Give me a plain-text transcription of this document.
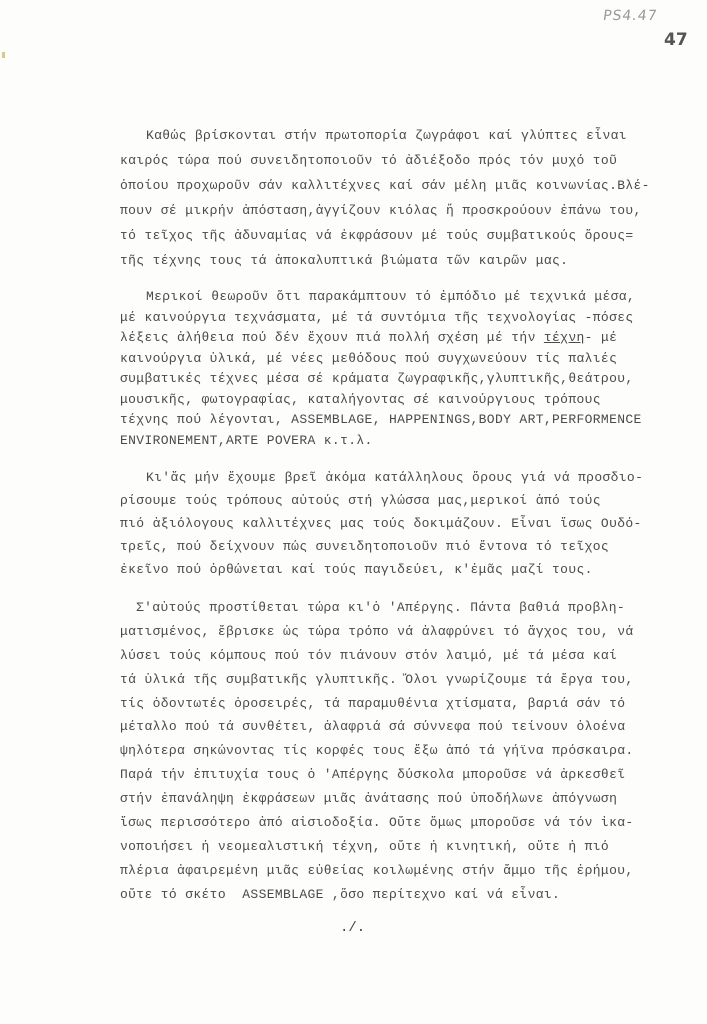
PS4.47
47
Καθώς βρίσκονται στήν πρωτοπορία ζωγράφοι καί γλύπτες εἶναι
καιρός τώρα πού συνειδητοποιοῦν τό ἀδιέξοδο πρός τόν μυχό τοῦ
ὁποίου προχωροῦν σάν καλλιτέχνες καί σάν μέλη μιᾶς κοινωνίας.Βλέ-
πουν σέ μικρήν ἀπόσταση,ἀγγίζουν κιόλας ἤ προσκρούουν ἐπάνω του,
τό τεῖχος τῆς ἀδυναμίας νά ἐκφράσουν μέ τούς συμβατικούς ὅρους=
τῆς τέχνης τους τά ἀποκαλυπτικά βιώματα τῶν καιρῶν μας.
Μερικοί θεωροῦν ὅτι παρακάμπτουν τό ἐμπόδιο μέ τεχνικά μέσα,
μέ καινούργια τεχνάσματα, μέ τά συντόμια τῆς τεχνολογίας -πόσες
λέξεις ἀλήθεια πού δέν ἔχουν πιά πολλή σχέση μέ τήν τέχνη- μέ
καινούργια ὑλικά, μέ νέες μεθόδους πού συγχωνεύουν τίς παλιές
συμβατικές τέχνες μέσα σέ κράματα ζωγραφικῆς,γλυπτικῆς,θεάτρου,
μουσικῆς, φωτογραφίας, καταλήγοντας σέ καινούργιους τρόπους
τέχνης πού λέγονται, ASSEMBLAGE, HAPPENINGS,BODY ART,PERFORMENCE
ENVIRONEMENT,ARTE POVERA κ.τ.λ.
Κι'ἄς μήν ἔχουμε βρεῖ ἀκόμα κατάλληλους ὅρους γιά νά προσδιο-
ρίσουμε τούς τρόπους αὐτούς στή γλώσσα μας,μερικοί ἀπό τούς
πιό ἀξιόλογους καλλιτέχνες μας τούς δοκιμάζουν. Εἶναι ἴσως Ουδό-
τρεῖς, πού δείχνουν πώς συνειδητοποιοῦν πιό ἔντονα τό τεῖχος
ἐκεῖνο πού ὀρθώνεται καί τούς παγιδεύει, κ'ἐμᾶς μαζί τους.
Σ'αὐτούς προστίθεται τώρα κι'ὁ 'Απέργης. Πάντα βαθιά προβλη-
ματισμένος, ἔβρισκε ὡς τώρα τρόπο νά ἀλαφρύνει τό ἄγχος του, νά
λύσει τούς κόμπους πού τόν πιάνουν στόν λαιμό, μέ τά μέσα καί
τά ὑλικά τῆς συμβατικῆς γλυπτικῆς. Ὅλοι γνωρίζουμε τά ἔργα του,
τίς ὀδοντωτές ὀροσειρές, τά παραμυθένια χτίσματα, βαριά σάν τό
μέταλλο πού τά συνθέτει, ἀλαφριά σά σύννεφα πού τείνουν ὁλοένα
ψηλότερα σηκώνοντας τίς κορφές τους ἔξω ἀπό τά γήϊνα πρόσκαιρα.
Παρά τήν ἐπιτυχία τους ὁ 'Απέργης δύσκολα μποροῦσε νά ἀρκεσθεῖ
στήν ἐπανάληψη ἐκφράσεων μιᾶς ἀνάτασης πού ὑποδήλωνε ἀπόγνωση
ἴσως περισσότερο ἀπό αἰσιοδοξία. Οὔτε ὅμως μποροῦσε νά τόν ἱκα-
νοποιήσει ἡ νεομεαλιστική τέχνη, οὔτε ἡ κινητική, οὔτε ἡ πιό
πλέρια ἀφαιρεμένη μιᾶς εὐθείας κοιλωμένης στήν ἄμμο τῆς ἐρήμου,
οὔτε τό σκέτο  ASSEMBLAGE ,ὅσο περίτεχνο καί νά εἶναι.
./.
